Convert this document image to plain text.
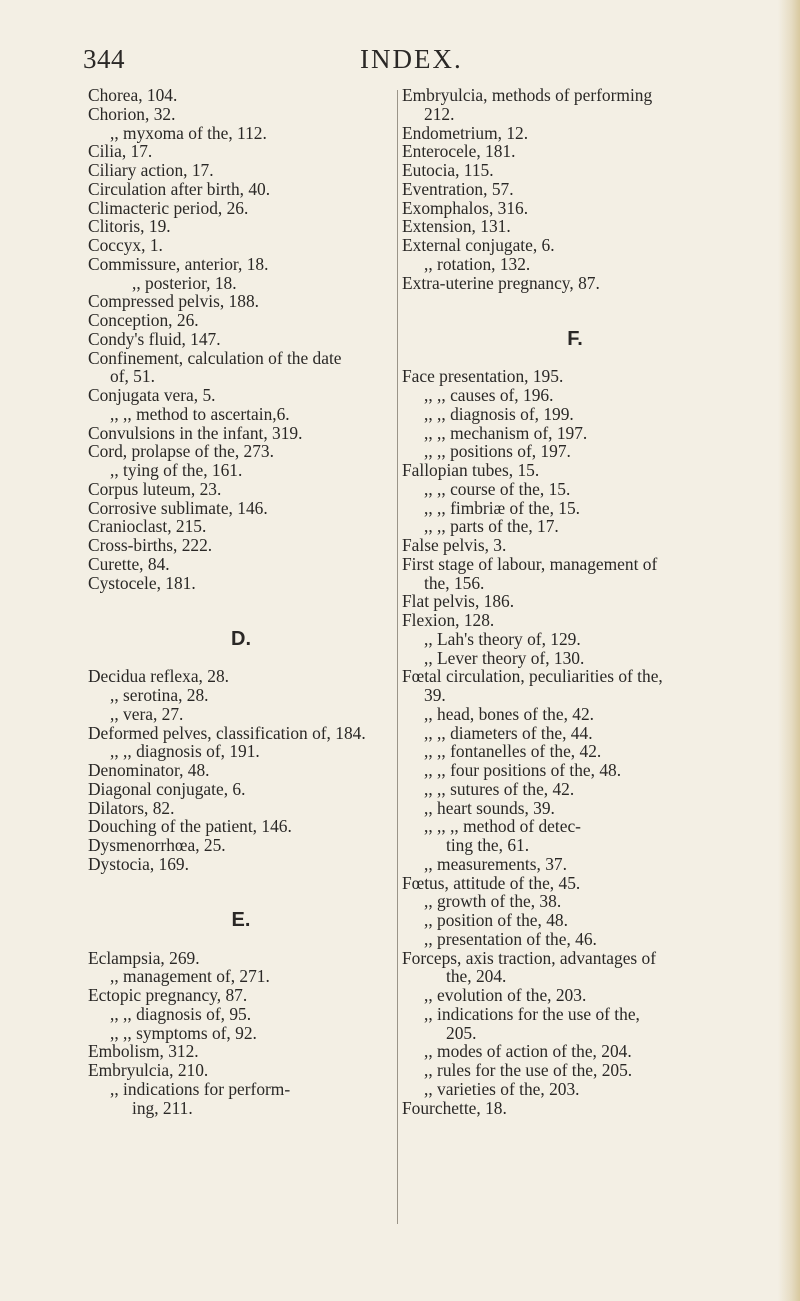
344	INDEX.
Chorea, 104.
Chorion, 32.
,, myxoma of the, 112.
Cilia, 17.
Ciliary action, 17.
Circulation after birth, 40.
Climacteric period, 26.
Clitoris, 19.
Coccyx, 1.
Commissure, anterior, 18.
,, posterior, 18.
Compressed pelvis, 188.
Conception, 26.
Condy's fluid, 147.
Confinement, calculation of the date
of, 51.
Conjugata vera, 5.
,, ,, method to ascertain,6.
Convulsions in the infant, 319.
Cord, prolapse of the, 273.
,, tying of the, 161.
Corpus luteum, 23.
Corrosive sublimate, 146.
Cranioclast, 215.
Cross-births, 222.
Curette, 84.
Cystocele, 181.
D.
Decidua reflexa, 28.
,, serotina, 28.
,, vera, 27.
Deformed pelves, classification of, 184.
,, ,, diagnosis of, 191.
Denominator, 48.
Diagonal conjugate, 6.
Dilators, 82.
Douching of the patient, 146.
Dysmenorrhœa, 25.
Dystocia, 169.
E.
Eclampsia, 269.
,, management of, 271.
Ectopic pregnancy, 87.
,, ,, diagnosis of, 95.
,, ,, symptoms of, 92.
Embolism, 312.
Embryulcia, 210.
,, indications for perform-
ing, 211.
Embryulcia, methods of performing
212.
Endometrium, 12.
Enterocele, 181.
Eutocia, 115.
Eventration, 57.
Exomphalos, 316.
Extension, 131.
External conjugate, 6.
,, rotation, 132.
Extra-uterine pregnancy, 87.
F.
Face presentation, 195.
,, ,, causes of, 196.
,, ,, diagnosis of, 199.
,, ,, mechanism of, 197.
,, ,, positions of, 197.
Fallopian tubes, 15.
,, ,, course of the, 15.
,, ,, fimbriæ of the, 15.
,, ,, parts of the, 17.
False pelvis, 3.
First stage of labour, management of
the, 156.
Flat pelvis, 186.
Flexion, 128.
,, Lah's theory of, 129.
,, Lever theory of, 130.
Fœtal circulation, peculiarities of the,
39.
,, head, bones of the, 42.
,, ,, diameters of the, 44.
,, ,, fontanelles of the, 42.
,, ,, four positions of the, 48.
,, ,, sutures of the, 42.
,, heart sounds, 39.
,, ,, ,, method of detec-
ting the, 61.
,, measurements, 37.
Fœtus, attitude of the, 45.
,, growth of the, 38.
,, position of the, 48.
,, presentation of the, 46.
Forceps, axis traction, advantages of
the, 204.
,, evolution of the, 203.
,, indications for the use of the,
205.
,, modes of action of the, 204.
,, rules for the use of the, 205.
,, varieties of the, 203.
Fourchette, 18.
